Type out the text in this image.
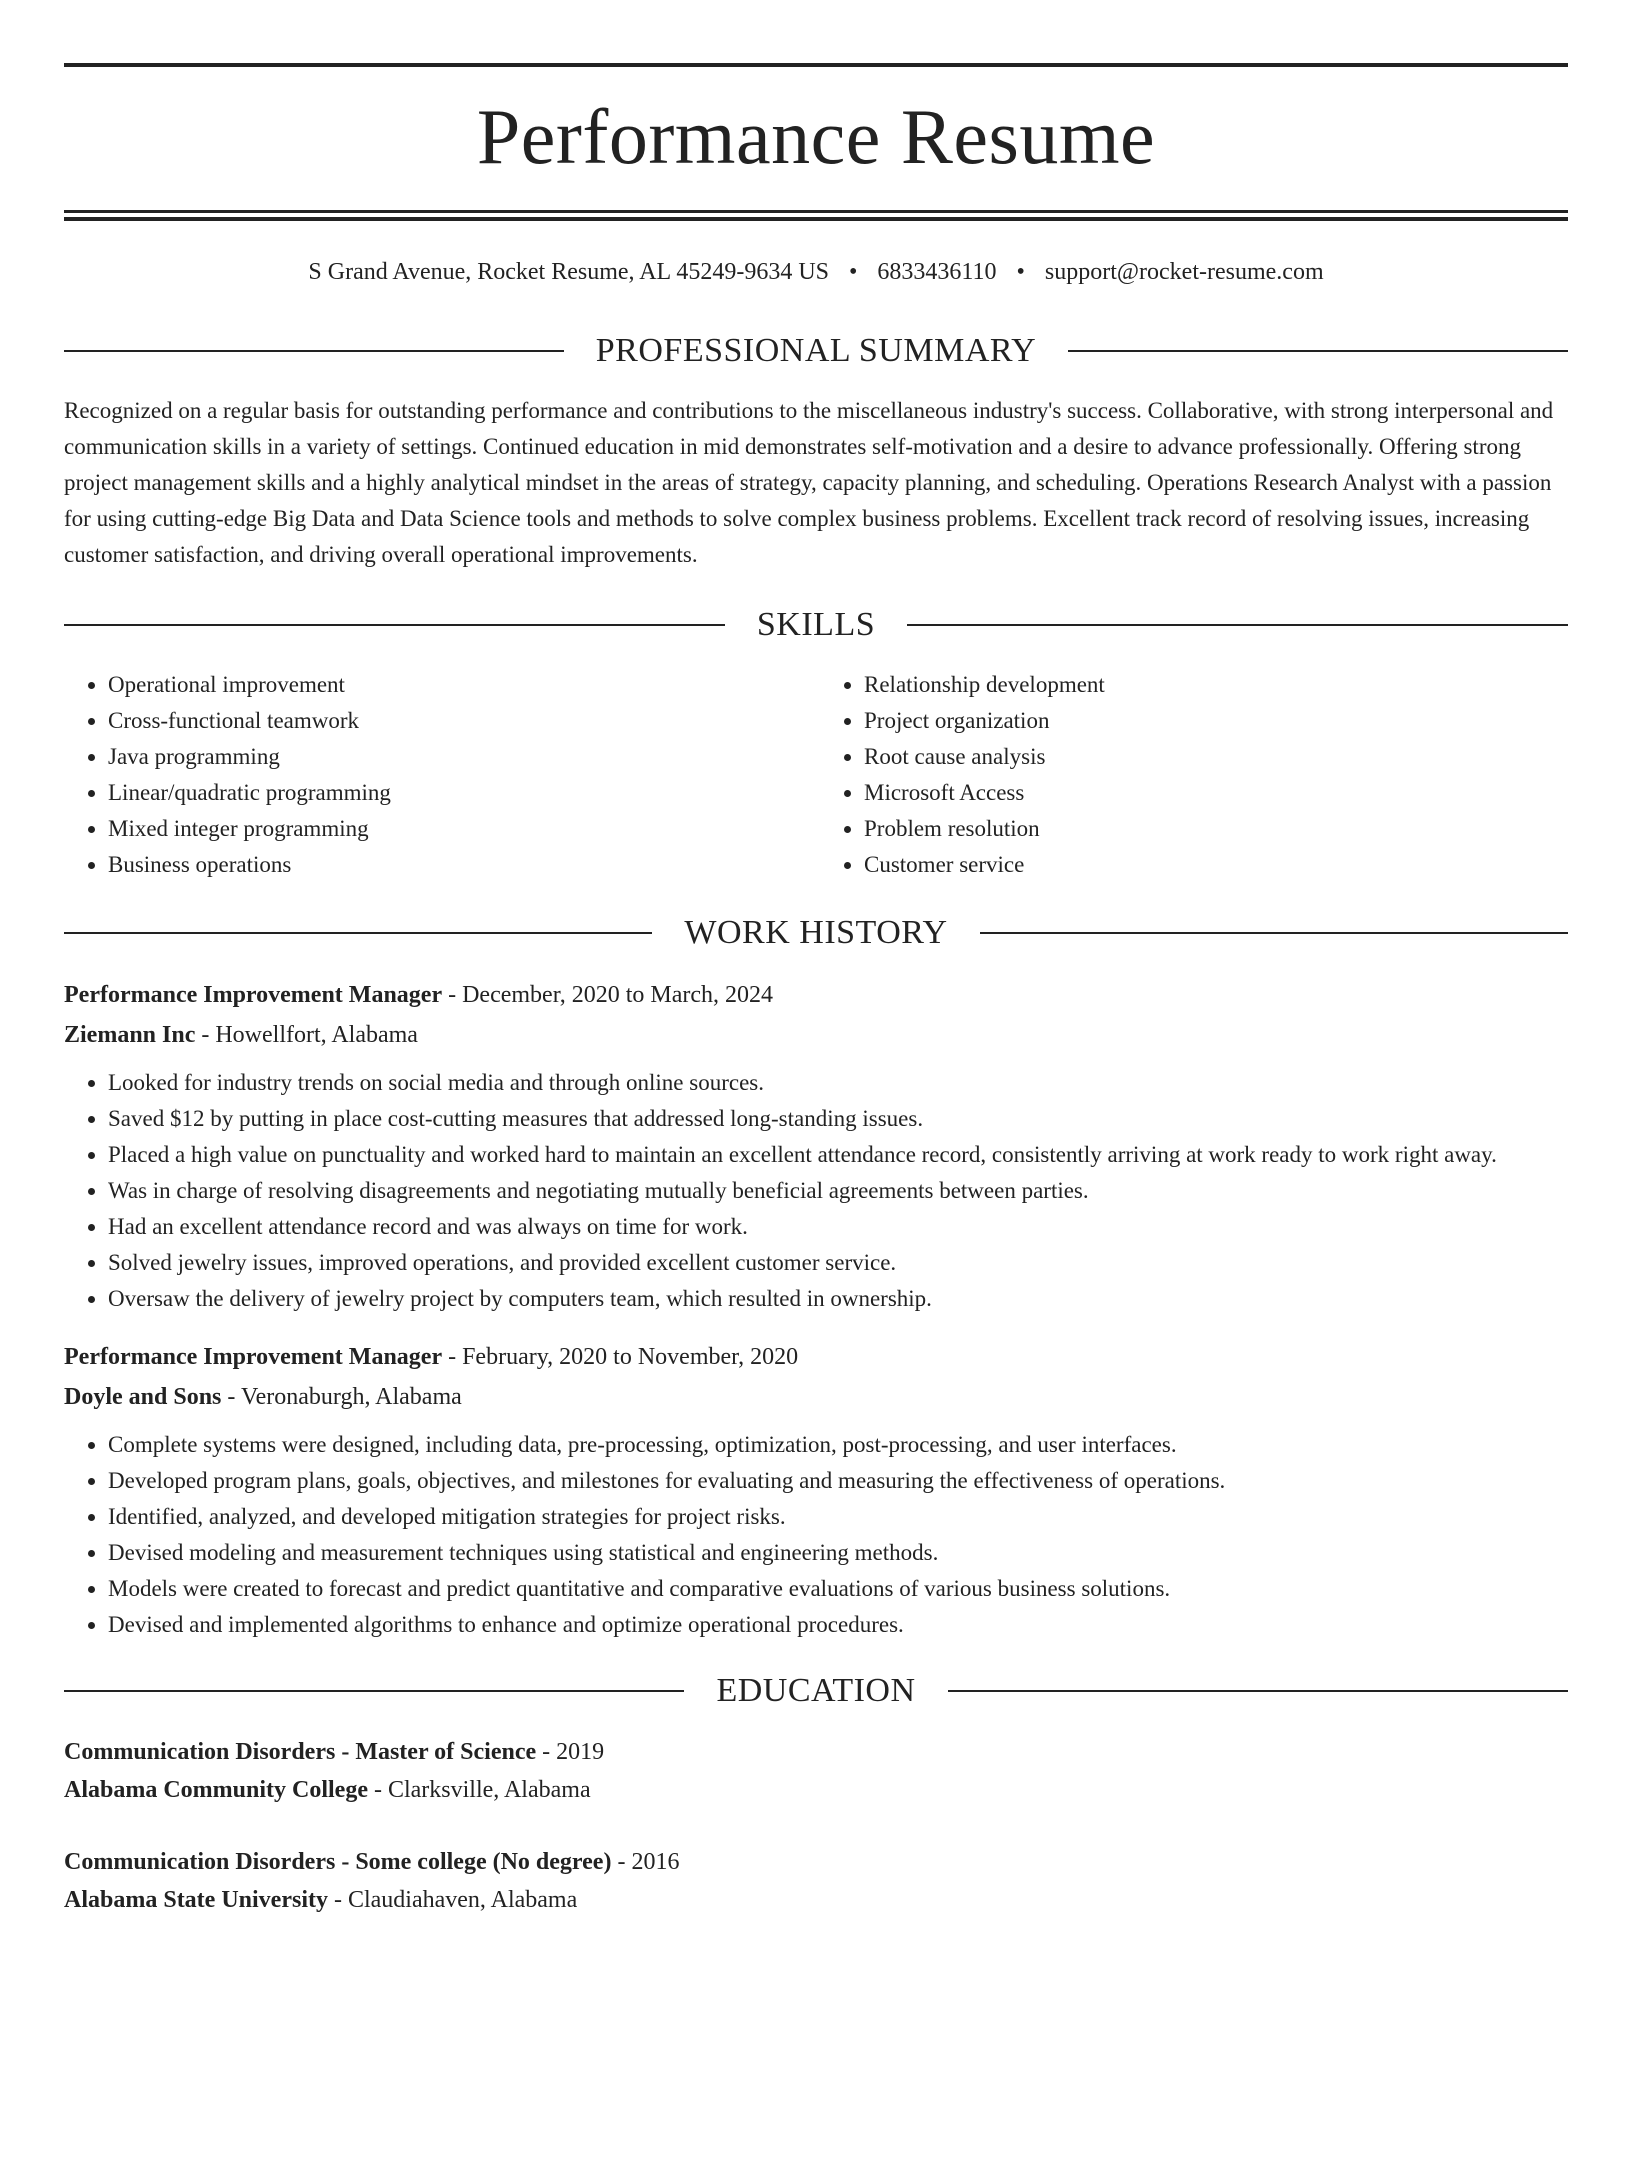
Performance Resume
S Grand Avenue, Rocket Resume, AL 45249-9634 US • 6833436110 • support@rocket-resume.com
PROFESSIONAL SUMMARY
Recognized on a regular basis for outstanding performance and contributions to the miscellaneous industry's success. Collaborative, with strong interpersonal and communication skills in a variety of settings. Continued education in mid demonstrates self-motivation and a desire to advance professionally. Offering strong project management skills and a highly analytical mindset in the areas of strategy, capacity planning, and scheduling. Operations Research Analyst with a passion for using cutting-edge Big Data and Data Science tools and methods to solve complex business problems. Excellent track record of resolving issues, increasing customer satisfaction, and driving overall operational improvements.
SKILLS
• Operational improvement
• Cross-functional teamwork
• Java programming
• Linear/quadratic programming
• Mixed integer programming
• Business operations
• Relationship development
• Project organization
• Root cause analysis
• Microsoft Access
• Problem resolution
• Customer service
WORK HISTORY
Performance Improvement Manager - December, 2020 to March, 2024
Ziemann Inc - Howellfort, Alabama
• Looked for industry trends on social media and through online sources.
• Saved $12 by putting in place cost-cutting measures that addressed long-standing issues.
• Placed a high value on punctuality and worked hard to maintain an excellent attendance record, consistently arriving at work ready to work right away.
• Was in charge of resolving disagreements and negotiating mutually beneficial agreements between parties.
• Had an excellent attendance record and was always on time for work.
• Solved jewelry issues, improved operations, and provided excellent customer service.
• Oversaw the delivery of jewelry project by computers team, which resulted in ownership.
Performance Improvement Manager - February, 2020 to November, 2020
Doyle and Sons - Veronaburgh, Alabama
• Complete systems were designed, including data, pre-processing, optimization, post-processing, and user interfaces.
• Developed program plans, goals, objectives, and milestones for evaluating and measuring the effectiveness of operations.
• Identified, analyzed, and developed mitigation strategies for project risks.
• Devised modeling and measurement techniques using statistical and engineering methods.
• Models were created to forecast and predict quantitative and comparative evaluations of various business solutions.
• Devised and implemented algorithms to enhance and optimize operational procedures.
EDUCATION
Communication Disorders - Master of Science - 2019
Alabama Community College - Clarksville, Alabama
Communication Disorders - Some college (No degree) - 2016
Alabama State University - Claudiahaven, Alabama
